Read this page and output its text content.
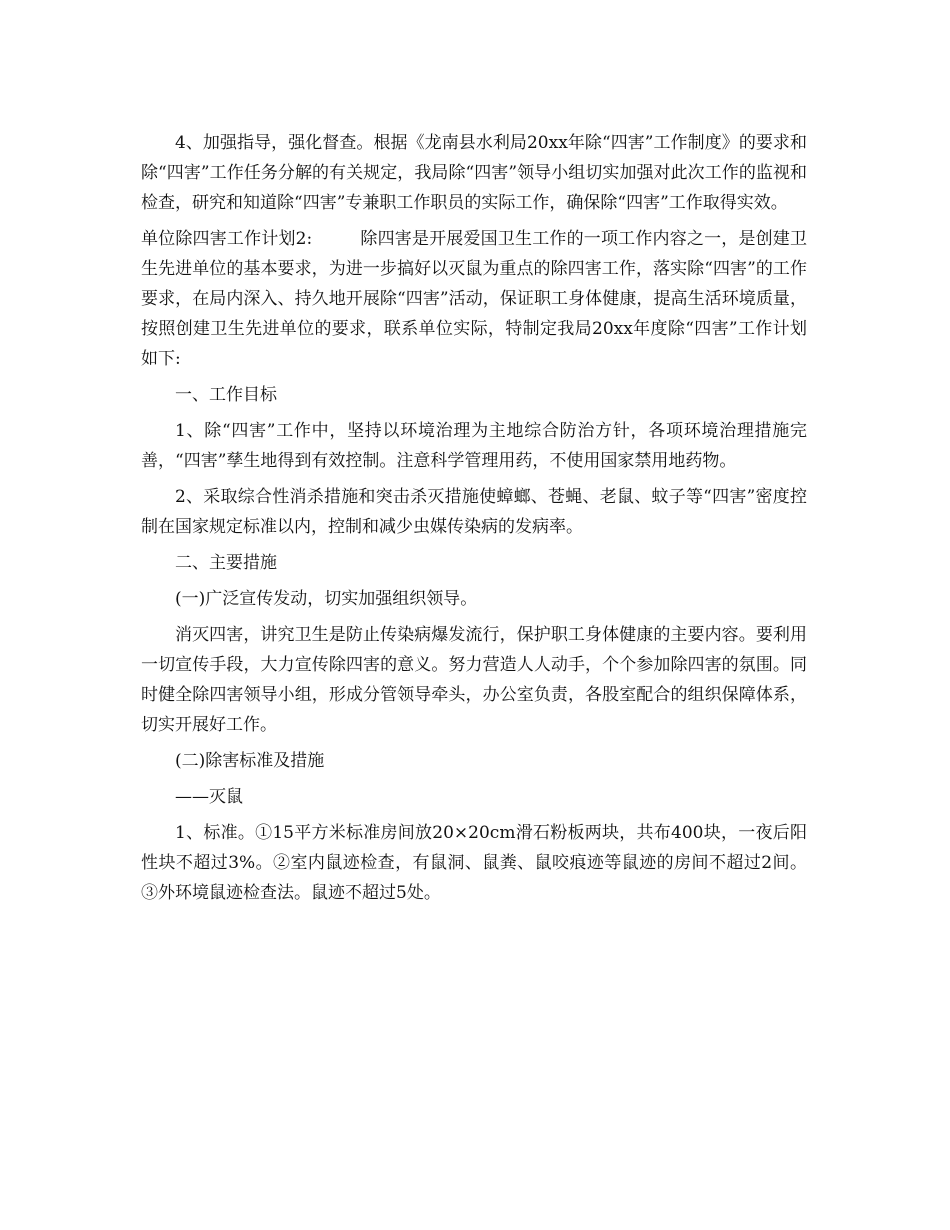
4、加强指导，强化督查。根据《龙南县水利局20xx年除“四害”工作制度》的要求和除“四害”工作任务分解的有关规定，我局除“四害”领导小组切实加强对此次工作的监视和检查，研究和知道除“四害”专兼职工作职员的实际工作，确保除“四害”工作取得实效。

单位除四害工作计划2:	除四害是开展爱国卫生工作的一项工作内容之一，是创建卫生先进单位的基本要求，为进一步搞好以灭鼠为重点的除四害工作，落实除“四害”的工作要求，在局内深入、持久地开展除“四害”活动，保证职工身体健康，提高生活环境质量，按照创建卫生先进单位的要求，联系单位实际，特制定我局20xx年度除“四害”工作计划如下:

一、工作目标

1、除“四害”工作中，坚持以环境治理为主地综合防治方针，各项环境治理措施完善，“四害”孳生地得到有效控制。注意科学管理用药，不使用国家禁用地药物。

2、采取综合性消杀措施和突击杀灭措施使蟑螂、苍蝇、老鼠、蚊子等“四害”密度控制在国家规定标准以内，控制和减少虫媒传染病的发病率。

二、主要措施

(一)广泛宣传发动，切实加强组织领导。

消灭四害，讲究卫生是防止传染病爆发流行，保护职工身体健康的主要内容。要利用一切宣传手段，大力宣传除四害的意义。努力营造人人动手，个个参加除四害的氛围。同时健全除四害领导小组，形成分管领导牵头，办公室负责，各股室配合的组织保障体系，切实开展好工作。

(二)除害标准及措施

——灭鼠

1、标准。①15平方米标准房间放20×20cm滑石粉板两块，共布400块，一夜后阳性块不超过3%。②室内鼠迹检查，有鼠洞、鼠粪、鼠咬痕迹等鼠迹的房间不超过2间。③外环境鼠迹检查法。鼠迹不超过5处。
